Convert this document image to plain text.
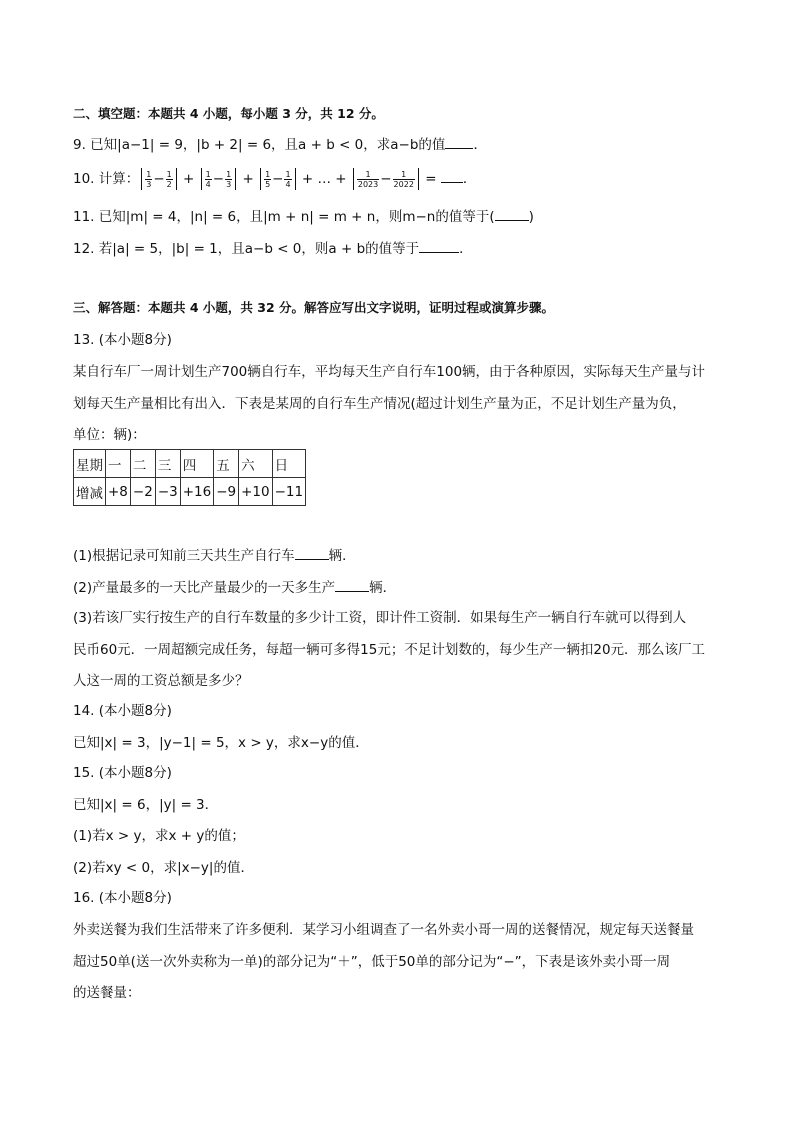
二、填空题：本题共 4 小题，每小题 3 分，共 12 分。
9. 已知|a−1| = 9，|b + 2| = 6，且a + b < 0，求a−b的值 ．
10. 计算： $\frac{1}{3} - \frac{1}{2} + \frac{1}{4} - \frac{1}{3} + \frac{1}{5} - \frac{1}{4}$ + … + $\frac{1}{2023} - \frac{1}{2022}$ = ．
11. 已知|m| = 4，|n| = 6，且|m + n| = m + n，则m−n的值等于(	)
12. 若|a| = 5，|b| = 1，且a−b < 0，则a + b的值等于	．
三、解答题：本题共 4 小题，共 32 分。解答应写出文字说明，证明过程或演算步骤。
13. (本小题8分)
某自行车厂一周计划生产700辆自行车，平均每天生产自行车100辆，由于各种原因，实际每天生产量与计
划每天生产量相比有出入．下表是某周的自行车生产情况(超过计划生产量为正，不足计划生产量为负，
单位：辆)：
星期	一	二	三	四	五	六	日
增减	+8	−2	−3	+16	−9	+10	−11
(1)根据记录可知前三天共生产自行车	辆．
(2)产量最多的一天比产量最少的一天多生产	辆．
(3)若该厂实行按生产的自行车数量的多少计工资，即计件工资制．如果每生产一辆自行车就可以得到人
民币60元．一周超额完成任务，每超一辆可多得15元；不足计划数的，每少生产一辆扣20元．那么该厂工
人这一周的工资总额是多少？
14. (本小题8分)
已知|x| = 3，|y−1| = 5，x > y，求x−y的值．
15. (本小题8分)
已知|x| = 6，|y| = 3．
(1)若x > y，求x + y的值；
(2)若xy < 0，求|x−y|的值．
16. (本小题8分)
外卖送餐为我们生活带来了许多便利．某学习小组调查了一名外卖小哥一周的送餐情况，规定每天送餐量
超过50单(送一次外卖称为一单)的部分记为“＋”，低于50单的部分记为“−”，下表是该外卖小哥一周
的送餐量：
